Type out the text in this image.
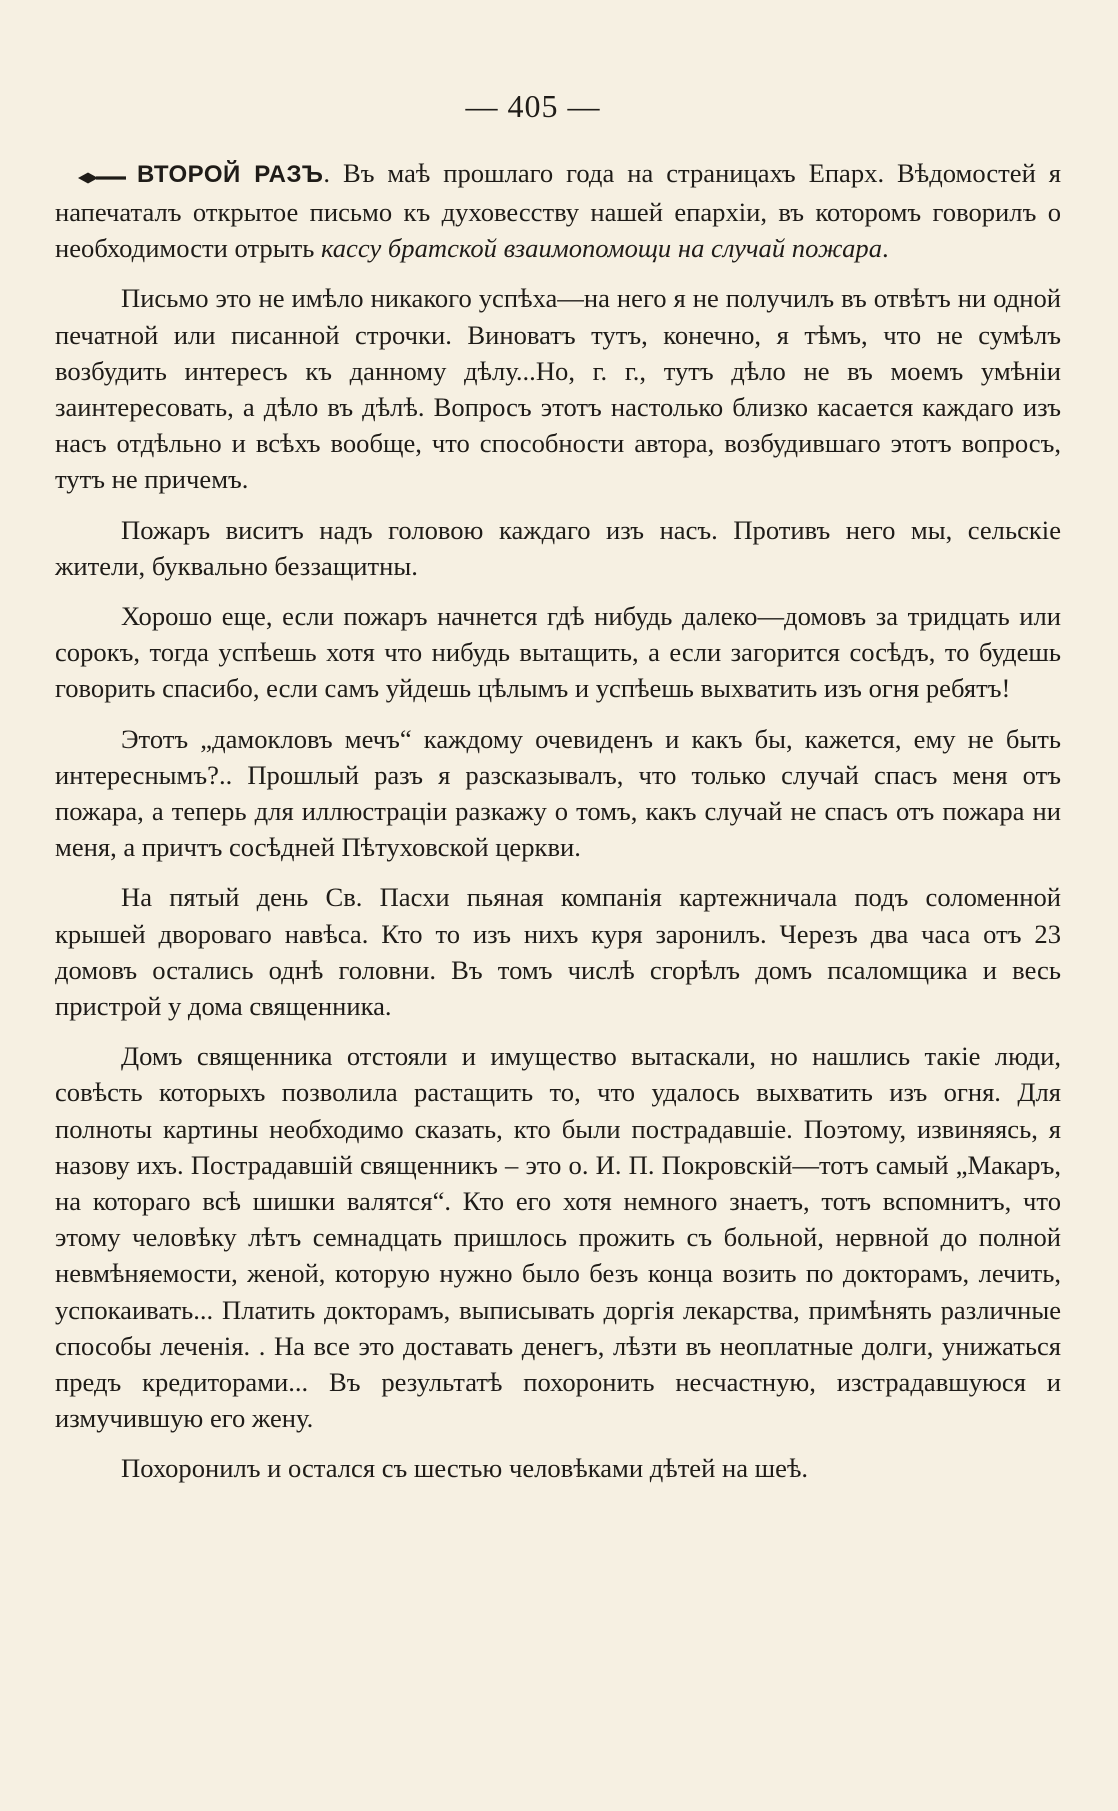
— 405 —

ВТОРОЙ РАЗЪ. Въ маѣ прошлаго года на страницахъ Епарх. Вѣдомостей я напечаталъ открытое письмо къ духовесству нашей епархіи, въ которомъ говорилъ о необходимости отрыть кассу братской взаимопомощи на случай пожара.

Письмо это не имѣло никакого успѣха—на него я не получилъ въ отвѣтъ ни одной печатной или писанной строчки. Виноватъ тутъ, конечно, я тѣмъ, что не сумѣлъ возбудить интересъ къ данному дѣлу...Но, г. г., тутъ дѣло не въ моемъ умѣніи заинтересовать, а дѣло въ дѣлѣ. Вопросъ этотъ настолько близко касается каждаго изъ насъ отдѣльно и всѣхъ вообще, что способности автора, возбудившаго этотъ вопросъ, тутъ не причемъ.

Пожаръ виситъ надъ головою каждаго изъ насъ. Противъ него мы, сельскіе жители, буквально беззащитны.

Хорошо еще, если пожаръ начнется гдѣ нибудь далеко—домовъ за тридцать или сорокъ, тогда успѣешь хотя что нибудь вытащить, а если загорится сосѣдъ, то будешь говорить спасибо, если самъ уйдешь цѣлымъ и успѣешь выхватить изъ огня ребятъ!

Этотъ „дамокловъ мечъ“ каждому очевиденъ и какъ бы, кажется, ему не быть интереснымъ?.. Прошлый разъ я разсказывалъ, что только случай спасъ меня отъ пожара, а теперь для иллюстраціи разкажу о томъ, какъ случай не спасъ отъ пожара ни меня, а причтъ сосѣдней Пѣтуховской церкви.

На пятый день Св. Пасхи пьяная компанія картежничала подъ соломенной крышей двороваго навѣса. Кто то изъ нихъ куря заронилъ. Черезъ два часа отъ 23 домовъ остались однѣ головни. Въ томъ числѣ сгорѣлъ домъ псаломщика и весь пристрой у дома священника.

Домъ священника отстояли и имущество вытаскали, но нашлись такіе люди, совѣсть которыхъ позволила растащить то, что удалось выхватить изъ огня. Для полноты картины необходимо сказать, кто были пострадавшіе. Поэтому, извиняясь, я назову ихъ. Пострадавшій священникъ – это о. И. П. Покровскій—тотъ самый „Макаръ, на котораго всѣ шишки валятся“. Кто его хотя немного знаетъ, тотъ вспомнитъ, что этому человѣку лѣтъ семнадцать пришлось прожить съ больной, нервной до полной невмѣняемости, женой, которую нужно было безъ конца возить по докторамъ, лечить, успокаивать... Платить докторамъ, выписывать доргія лекарства, примѣнять различные способы леченія. . На все это доставать денегъ, лѣзти въ неоплатные долги, унижаться предъ кредиторами... Въ результатѣ похоронить несчастную, изстрадавшуюся и измучившую его жену.

Похоронилъ и остался съ шестью человѣками дѣтей на шеѣ.
